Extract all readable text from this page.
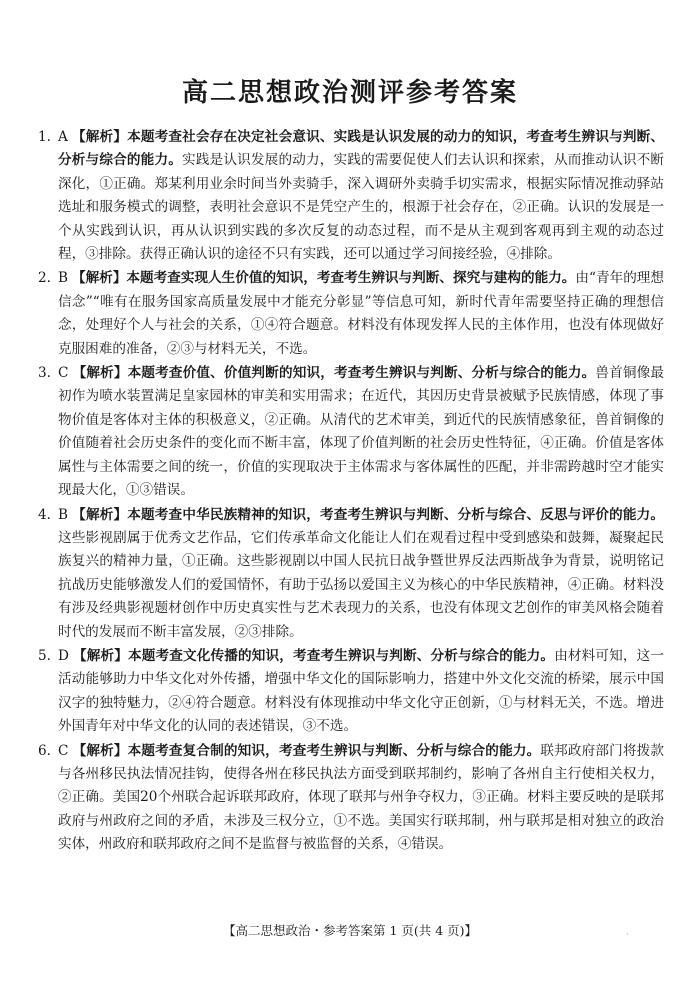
高二思想政治测评参考答案
1. A 【解析】本题考查社会存在决定社会意识、实践是认识发展的动力的知识，考查考生辨识与判断、分析与综合的能力。实践是认识发展的动力，实践的需要促使人们去认识和探索，从而推动认识不断深化，①正确。郑某利用业余时间当外卖骑手，深入调研外卖骑手切实需求，根据实际情况推动驿站选址和服务模式的调整，表明社会意识不是凭空产生的，根源于社会存在，②正确。认识的发展是一个从实践到认识，再从认识到实践的多次反复的动态过程，而不是从主观到客观再到主观的动态过程，③排除。获得正确认识的途径不只有实践，还可以通过学习间接经验，④排除。
2. B 【解析】本题考查实现人生价值的知识，考查考生辨识与判断、探究与建构的能力。由“青年的理想信念”“唯有在服务国家高质量发展中才能充分彰显”等信息可知，新时代青年需要坚持正确的理想信念，处理好个人与社会的关系，①④符合题意。材料没有体现发挥人民的主体作用，也没有体现做好克服困难的准备，②③与材料无关，不选。
3. C 【解析】本题考查价值、价值判断的知识，考查考生辨识与判断、分析与综合的能力。兽首铜像最初作为喷水装置满足皇家园林的审美和实用需求；在近代，其因历史背景被赋予民族情感，体现了事物价值是客体对主体的积极意义，②正确。从清代的艺术审美，到近代的民族情感象征，兽首铜像的价值随着社会历史条件的变化而不断丰富，体现了价值判断的社会历史性特征，④正确。价值是客体属性与主体需要之间的统一，价值的实现取决于主体需求与客体属性的匹配，并非需跨越时空才能实现最大化，①③错误。
4. B 【解析】本题考查中华民族精神的知识，考查考生辨识与判断、分析与综合、反思与评价的能力。这些影视剧属于优秀文艺作品，它们传承革命文化能让人们在观看过程中受到感染和鼓舞，凝聚起民族复兴的精神力量，①正确。这些影视剧以中国人民抗日战争暨世界反法西斯战争为背景，说明铭记抗战历史能够激发人们的爱国情怀，有助于弘扬以爱国主义为核心的中华民族精神，④正确。材料没有涉及经典影视题材创作中历史真实性与艺术表现力的关系，也没有体现文艺创作的审美风格会随着时代的发展而不断丰富发展，②③排除。
5. D 【解析】本题考查文化传播的知识，考查考生辨识与判断、分析与综合的能力。由材料可知，这一活动能够助力中华文化对外传播，增强中华文化的国际影响力，搭建中外文化交流的桥梁，展示中国汉字的独特魅力，②④符合题意。材料没有体现推动中华文化守正创新，①与材料无关，不选。增进外国青年对中华文化的认同的表述错误，③不选。
6. C 【解析】本题考查复合制的知识，考查考生辨识与判断、分析与综合的能力。联邦政府部门将拨款与各州移民执法情况挂钩，使得各州在移民执法方面受到联邦制约，影响了各州自主行使相关权力，②正确。美国20个州联合起诉联邦政府，体现了联邦与州争夺权力，③正确。材料主要反映的是联邦政府与州政府之间的矛盾，未涉及三权分立，①不选。美国实行联邦制，州与联邦是相对独立的政治实体，州政府和联邦政府之间不是监督与被监督的关系，④错误。
【高二思想政治・参考答案第 1 页(共 4 页)】	·
